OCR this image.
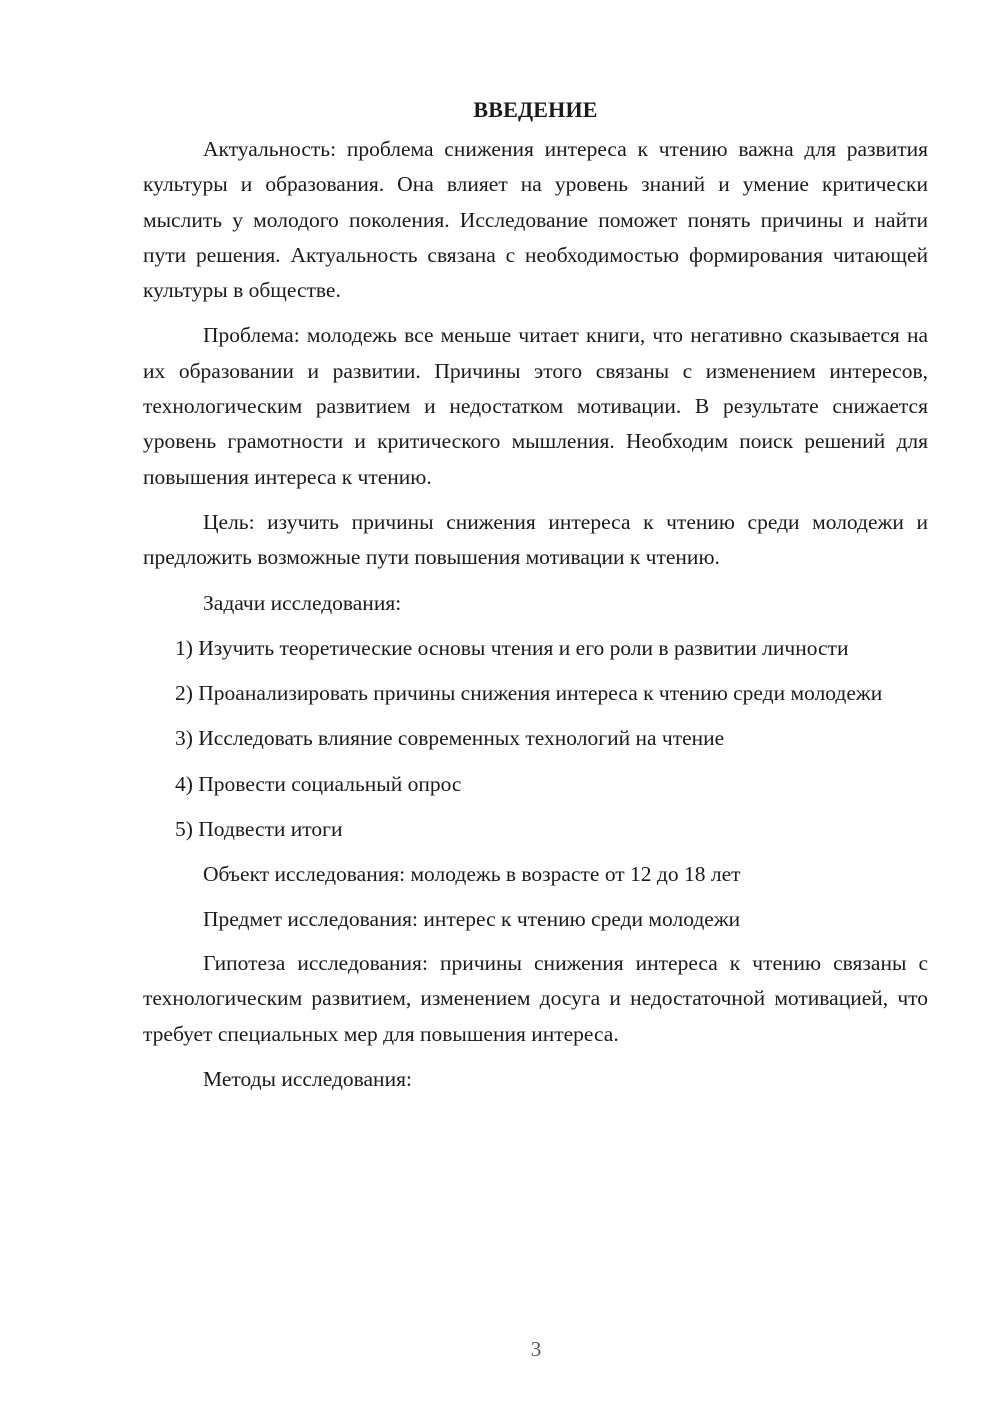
ВВЕДЕНИЕ

Актуальность: проблема снижения интереса к чтению важна для развития культуры и образования. Она влияет на уровень знаний и умение критически мыслить у молодого поколения. Исследование поможет понять причины и найти пути решения. Актуальность связана с необходимостью формирования читающей культуры в обществе.

Проблема: молодежь все меньше читает книги, что негативно сказывается на их образовании и развитии. Причины этого связаны с изменением интересов, технологическим развитием и недостатком мотивации. В результате снижается уровень грамотности и критического мышления. Необходим поиск решений для повышения интереса к чтению.

Цель: изучить причины снижения интереса к чтению среди молодежи и предложить возможные пути повышения мотивации к чтению.

Задачи исследования:

1) Изучить теоретические основы чтения и его роли в развитии личности

2) Проанализировать причины снижения интереса к чтению среди молодежи

3) Исследовать влияние современных технологий на чтение

4) Провести социальный опрос

5) Подвести итоги

Объект исследования: молодежь в возрасте от 12 до 18 лет

Предмет исследования: интерес к чтению среди молодежи

Гипотеза исследования: причины снижения интереса к чтению связаны с технологическим развитием, изменением досуга и недостаточной мотивацией, что требует специальных мер для повышения интереса.

Методы исследования:

3
